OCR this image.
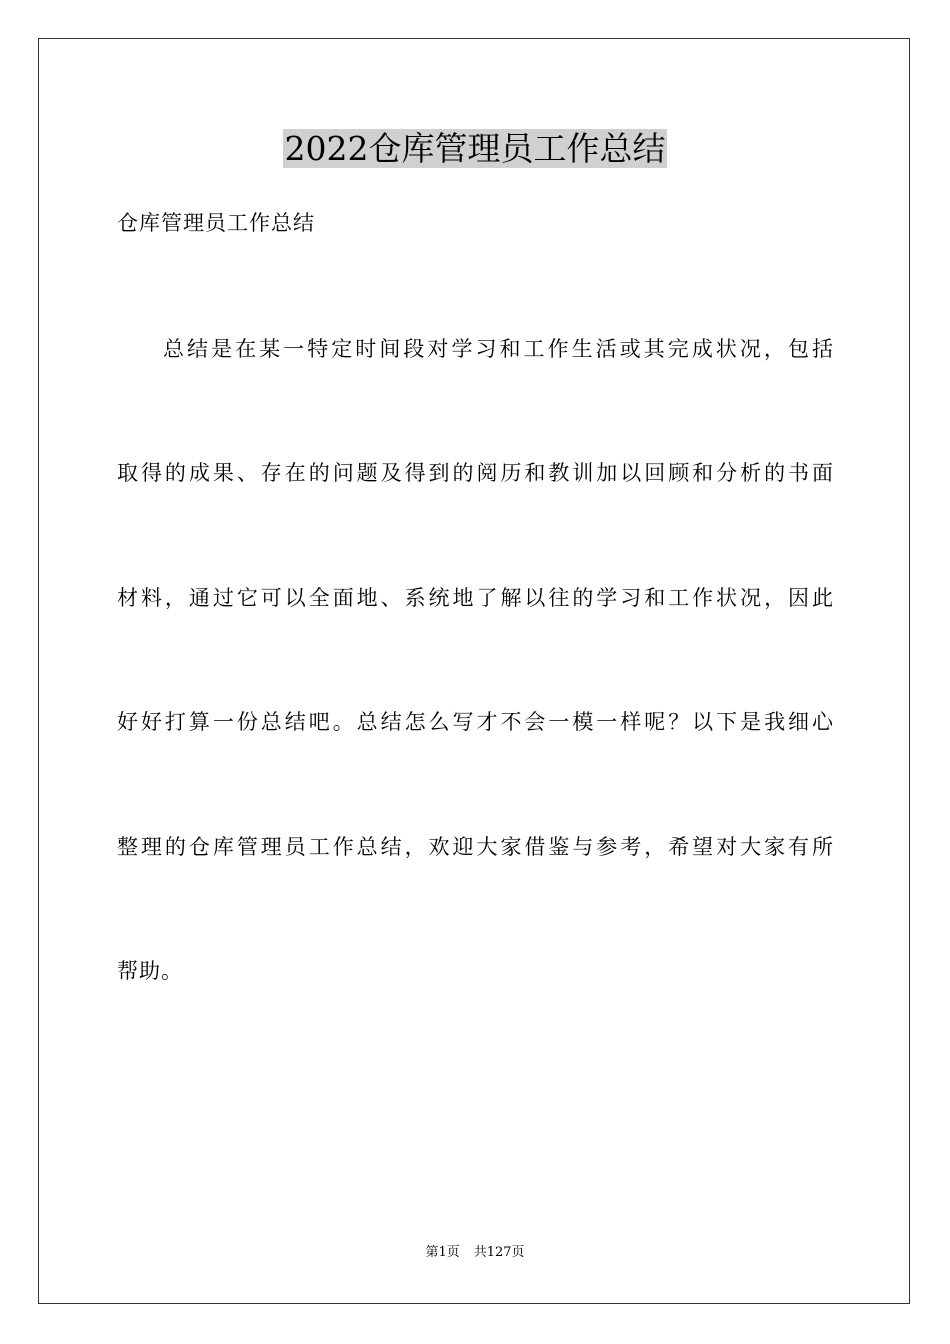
2022仓库管理员工作总结
仓库管理员工作总结
总结是在某一特定时间段对学习和工作生活或其完成状况，包括
取得的成果、存在的问题及得到的阅历和教训加以回顾和分析的书面
材料，通过它可以全面地、系统地了解以往的学习和工作状况，因此
好好打算一份总结吧。总结怎么写才不会一模一样呢？以下是我细心
整理的仓库管理员工作总结，欢迎大家借鉴与参考，希望对大家有所
帮助。
第1页 共127页
